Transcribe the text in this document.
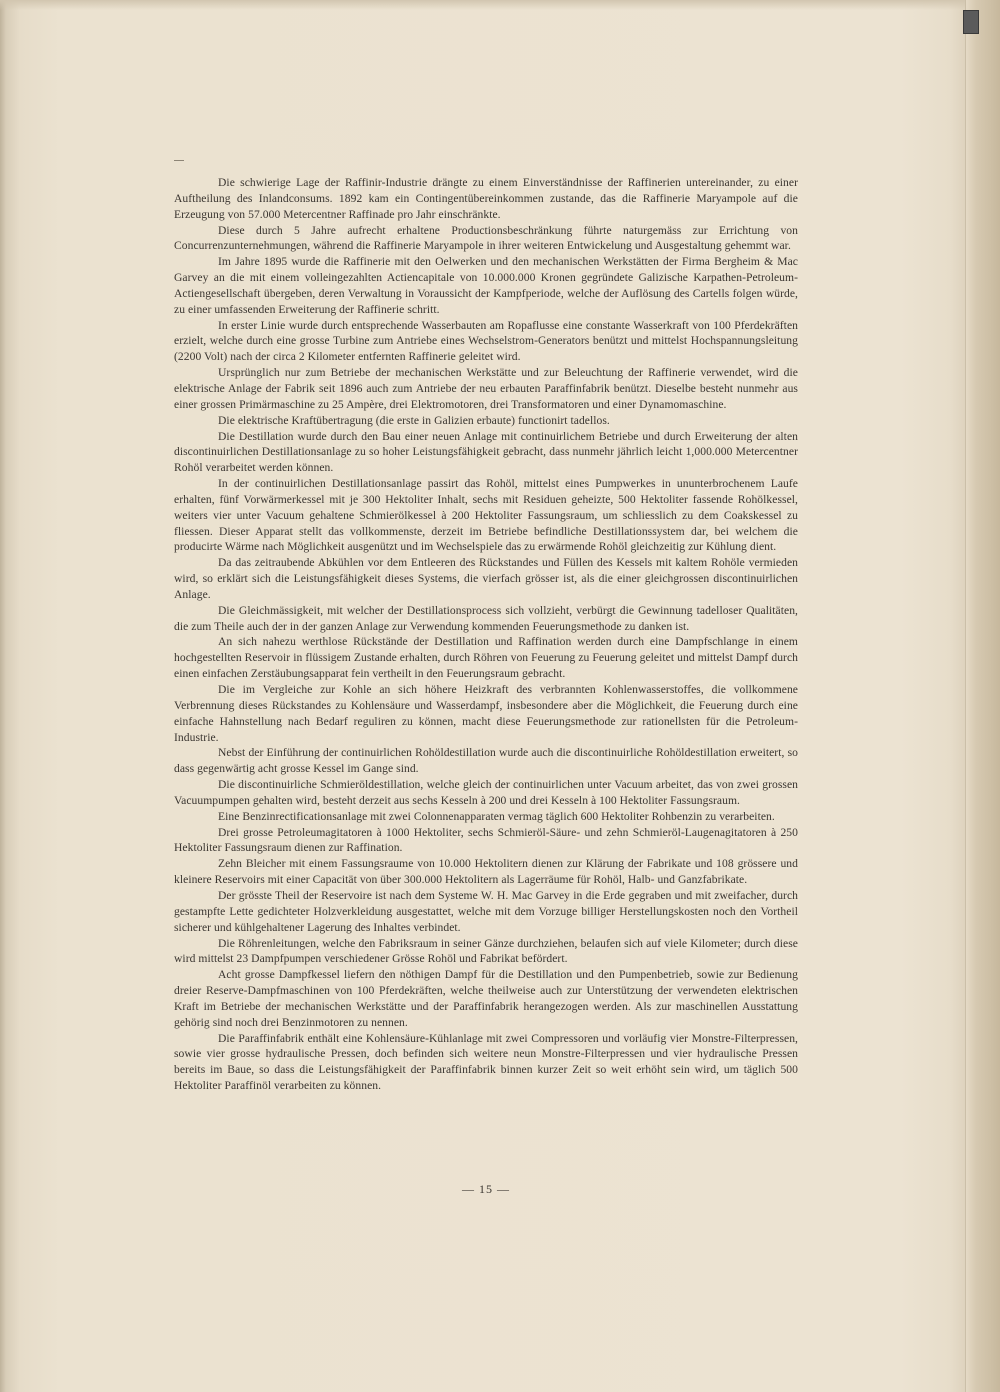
Die schwierige Lage der Raffinir-Industrie drängte zu einem Einverständnisse der Raffinerien untereinander, zu einer Auftheilung des Inlandconsums. 1892 kam ein Contingentübereinkommen zustande, das die Raffinerie Maryampole auf die Erzeugung von 57.000 Metercentner Raffinade pro Jahr einschränkte.

Diese durch 5 Jahre aufrecht erhaltene Productionsbeschränkung führte naturgemäss zur Errichtung von Concurrenzunternehmungen, während die Raffinerie Maryampole in ihrer weiteren Entwickelung und Ausgestaltung gehemmt war.

Im Jahre 1895 wurde die Raffinerie mit den Oelwerken und den mechanischen Werkstätten der Firma Bergheim & Mac Garvey an die mit einem volleingezahlten Actiencapitale von 10.000.000 Kronen gegründete Galizische Karpathen-Petroleum-Actiengesellschaft übergeben, deren Verwaltung in Voraussicht der Kampfperiode, welche der Auflösung des Cartells folgen würde, zu einer umfassenden Erweiterung der Raffinerie schritt.

In erster Linie wurde durch entsprechende Wasserbauten am Ropaflusse eine constante Wasserkraft von 100 Pferdekräften erzielt, welche durch eine grosse Turbine zum Antriebe eines Wechselstrom-Generators benützt und mittelst Hochspannungsleitung (2200 Volt) nach der circa 2 Kilometer entfernten Raffinerie geleitet wird.

Ursprünglich nur zum Betriebe der mechanischen Werkstätte und zur Beleuchtung der Raffinerie verwendet, wird die elektrische Anlage der Fabrik seit 1896 auch zum Antriebe der neu erbauten Paraffinfabrik benützt. Dieselbe besteht nunmehr aus einer grossen Primärmaschine zu 25 Ampère, drei Elektromotoren, drei Transformatoren und einer Dynamomaschine.

Die elektrische Kraftübertragung (die erste in Galizien erbaute) functionirt tadellos.

Die Destillation wurde durch den Bau einer neuen Anlage mit continuirlichem Betriebe und durch Erweiterung der alten discontinuirlichen Destillationsanlage zu so hoher Leistungsfähigkeit gebracht, dass nunmehr jährlich leicht 1,000.000 Metercentner Rohöl verarbeitet werden können.

In der continuirlichen Destillationsanlage passirt das Rohöl, mittelst eines Pumpwerkes in ununterbrochenem Laufe erhalten, fünf Vorwärmerkessel mit je 300 Hektoliter Inhalt, sechs mit Residuen geheizte, 500 Hektoliter fassende Rohölkessel, weiters vier unter Vacuum gehaltene Schmierölkessel à 200 Hektoliter Fassungsraum, um schliesslich zu dem Coakskessel zu fliessen. Dieser Apparat stellt das vollkommenste, derzeit im Betriebe befindliche Destillationssystem dar, bei welchem die producirte Wärme nach Möglichkeit ausgenützt und im Wechselspiele das zu erwärmende Rohöl gleichzeitig zur Kühlung dient.

Da das zeitraubende Abkühlen vor dem Entleeren des Rückstandes und Füllen des Kessels mit kaltem Rohöle vermieden wird, so erklärt sich die Leistungsfähigkeit dieses Systems, die vierfach grösser ist, als die einer gleichgrossen discontinuirlichen Anlage.

Die Gleichmässigkeit, mit welcher der Destillationsprocess sich vollzieht, verbürgt die Gewinnung tadelloser Qualitäten, die zum Theile auch der in der ganzen Anlage zur Verwendung kommenden Feuerungsmethode zu danken ist.

An sich nahezu werthlose Rückstände der Destillation und Raffination werden durch eine Dampfschlange in einem hochgestellten Reservoir in flüssigem Zustande erhalten, durch Röhren von Feuerung zu Feuerung geleitet und mittelst Dampf durch einen einfachen Zerstäubungsapparat fein vertheilt in den Feuerungsraum gebracht.

Die im Vergleiche zur Kohle an sich höhere Heizkraft des verbrannten Kohlenwasserstoffes, die vollkommene Verbrennung dieses Rückstandes zu Kohlensäure und Wasserdampf, insbesondere aber die Möglichkeit, die Feuerung durch eine einfache Hahnstellung nach Bedarf reguliren zu können, macht diese Feuerungsmethode zur rationellsten für die Petroleum-Industrie.

Nebst der Einführung der continuirlichen Rohöldestillation wurde auch die discontinuirliche Rohöldestillation erweitert, so dass gegenwärtig acht grosse Kessel im Gange sind.

Die discontinuirliche Schmieröldestillation, welche gleich der continuirlichen unter Vacuum arbeitet, das von zwei grossen Vacuumpumpen gehalten wird, besteht derzeit aus sechs Kesseln à 200 und drei Kesseln à 100 Hektoliter Fassungsraum.

Eine Benzinrectificationsanlage mit zwei Colonnenapparaten vermag täglich 600 Hektoliter Rohbenzin zu verarbeiten.

Drei grosse Petroleumagitatoren à 1000 Hektoliter, sechs Schmieröl-Säure- und zehn Schmieröl-Laugenagitatoren à 250 Hektoliter Fassungsraum dienen zur Raffination.

Zehn Bleicher mit einem Fassungsraume von 10.000 Hektolitern dienen zur Klärung der Fabrikate und 108 grössere und kleinere Reservoirs mit einer Capacität von über 300.000 Hektolitern als Lagerräume für Rohöl, Halb- und Ganzfabrikate.

Der grösste Theil der Reservoire ist nach dem Systeme W. H. Mac Garvey in die Erde gegraben und mit zweifacher, durch gestampfte Lette gedichteter Holzverkleidung ausgestattet, welche mit dem Vorzuge billiger Herstellungskosten noch den Vortheil sicherer und kühlgehaltener Lagerung des Inhaltes verbindet.

Die Röhrenleitungen, welche den Fabriksraum in seiner Gänze durchziehen, belaufen sich auf viele Kilometer; durch diese wird mittelst 23 Dampfpumpen verschiedener Grösse Rohöl und Fabrikat befördert.

Acht grosse Dampfkessel liefern den nöthigen Dampf für die Destillation und den Pumpenbetrieb, sowie zur Bedienung dreier Reserve-Dampfmaschinen von 100 Pferdekräften, welche theilweise auch zur Unterstützung der verwendeten elektrischen Kraft im Betriebe der mechanischen Werkstätte und der Paraffinfabrik herangezogen werden. Als zur maschinellen Ausstattung gehörig sind noch drei Benzinmotoren zu nennen.

Die Paraffinfabrik enthält eine Kohlensäure-Kühlanlage mit zwei Compressoren und vorläufig vier Monstre-Filterpressen, sowie vier grosse hydraulische Pressen, doch befinden sich weitere neun Monstre-Filterpressen und vier hydraulische Pressen bereits im Baue, so dass die Leistungsfähigkeit der Paraffinfabrik binnen kurzer Zeit so weit erhöht sein wird, um täglich 500 Hektoliter Paraffinöl verarbeiten zu können.

— 15 —
